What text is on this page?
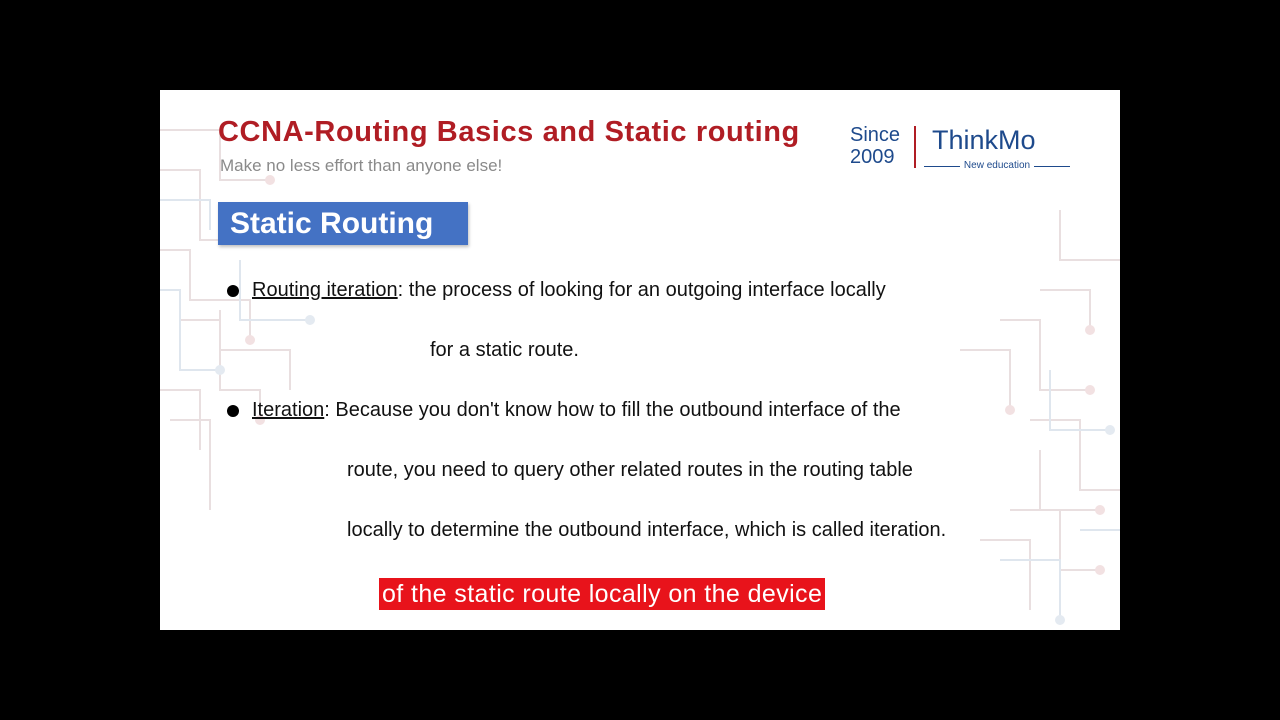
CCNA-Routing Basics and Static routing
Make no less effort than anyone else!
Since
2009
ThinkMo
New education
Static Routing
Routing iteration: the process of looking for an outgoing interface locally
for a static route.
Iteration: Because you don't know how to fill the outbound interface of the
route, you need to query other related routes in the routing table
locally to determine the outbound interface, which is called iteration.
of the static route locally on the device
